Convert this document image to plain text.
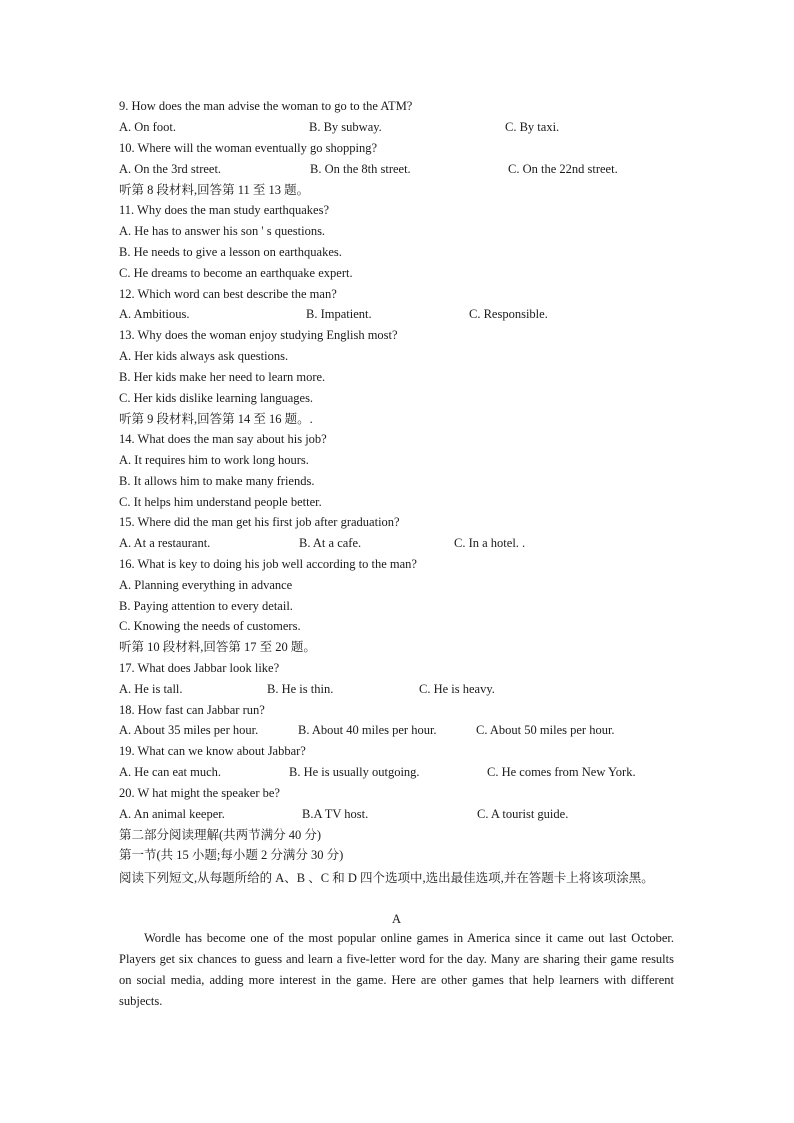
9. How does the man advise the woman to go to the ATM?
A. On foot.	B. By subway.	C. By taxi.
10. Where will the woman eventually go shopping?
A. On the 3rd street.	B. On the 8th street.	C. On the 22nd street.
听第 8 段材料,回答第 11 至 13 题。
11. Why does the man study earthquakes?
A. He has to answer his son ' s questions.
B. He needs to give a lesson on earthquakes.
C. He dreams to become an earthquake expert.
12. Which word can best describe the man?
A. Ambitious.	B. Impatient.	C. Responsible.
13. Why does the woman enjoy studying English most?
A. Her kids always ask questions.
B. Her kids make her need to learn more.
C. Her kids dislike learning languages.
听第 9 段材料,回答第 14 至 16 题。.
14. What does the man say about his job?
A. It requires him to work long hours.
B. It allows him to make many friends.
C. It helps him understand people better.
15. Where did the man get his first job after graduation?
A. At a restaurant.	B. At a cafe.	C. In a hotel. .
16. What is key to doing his job well according to the man?
A. Planning everything in advance
B. Paying attention to every detail.
C. Knowing the needs of customers.
听第 10 段材料,回答第 17 至 20 题。
17. What does Jabbar look like?
A. He is tall.	B. He is thin.	C. He is heavy.
18. How fast can Jabbar run?
A. About 35 miles per hour.	B. About 40 miles per hour.	C. About 50 miles per hour.
19. What can we know about Jabbar?
A. He can eat much.	B. He is usually outgoing.	C. He comes from New York.
20. W hat might the speaker be?
A. An animal keeper.	B.A TV host.	C. A tourist guide.
第二部分阅读理解(共两节满分 40 分)
第一节(共 15 小题;每小题 2 分满分 30 分)
阅读下列短文,从每题所给的 A、B 、C 和 D 四个选项中,选出最佳选项,并在答题卡上将该项涂黑。
A
Wordle has become one of the most popular online games in America since it came out last October. Players get six chances to guess and learn a five-letter word for the day. Many are sharing their game results on social media, adding more interest in the game. Here are other games that help learners with different subjects.
